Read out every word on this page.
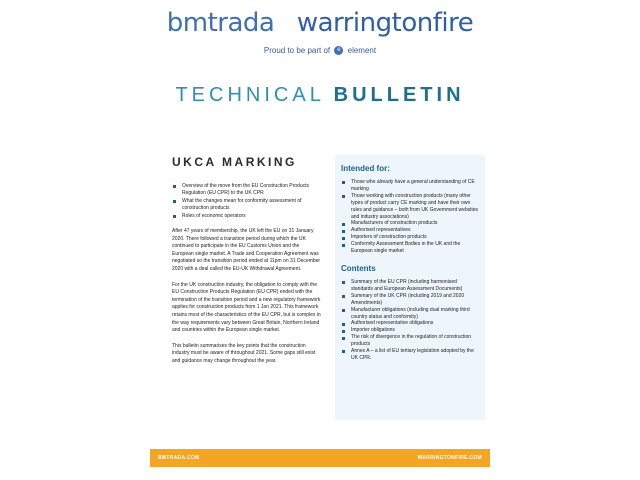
bmtrada warringtonfire
Proud to be part of e element
TECHNICAL BULLETIN
UKCA MARKING
Overview of the move from the EU Construction Products Regulation (EU CPR) to the UK CPR
What the changes mean for conformity assessment of construction products
Roles of economic operators

After 47 years of membership, the UK left the EU on 31 January 2020. There followed a transition period during which the UK continued to participate in the EU Customs Union and the European single market. A Trade and Cooperation Agreement was negotiated so the transition period ended at 11pm on 31 December 2020 with a deal called the EU-UK Withdrawal Agreement.

For the UK construction industry, the obligation to comply with the EU Construction Products Regulation (EU CPR) ended with the termination of the transition period and a new regulatory framework applies for construction products from 1 Jan 2021. This framework retains most of the characteristics of the EU CPR, but is complex in the way requirements vary between Great Britain, Northern Ireland and countries within the European single market.

This bulletin summarises the key points that the construction industry must be aware of throughout 2021. Some gaps still exist and guidance may change throughout the year.

Intended for:
Those who already have a general understanding of CE marking
Those working with construction products (many other types of product carry CE marking and have their own rules and guidance – both from UK Government websites and industry associations)
Manufacturers of construction products
Authorised representatives
Importers of construction products
Conformity Assessment Bodies in the UK and the European single market
Contents
Summary of the EU CPR (including harmonised standards and European Assessment Documents)
Summary of the UK CPR (including 2019 and 2020 Amendments)
Manufacturer obligations (including dual marking third country status and conformity)
Authorised representative obligations
Importer obligations
The risk of divergence in the regulation of construction products
Annex A – a list of EU tertiary legislation adopted by the UK CPR.
BMTRADA.COM	WARRINGTONFIRE.COM
